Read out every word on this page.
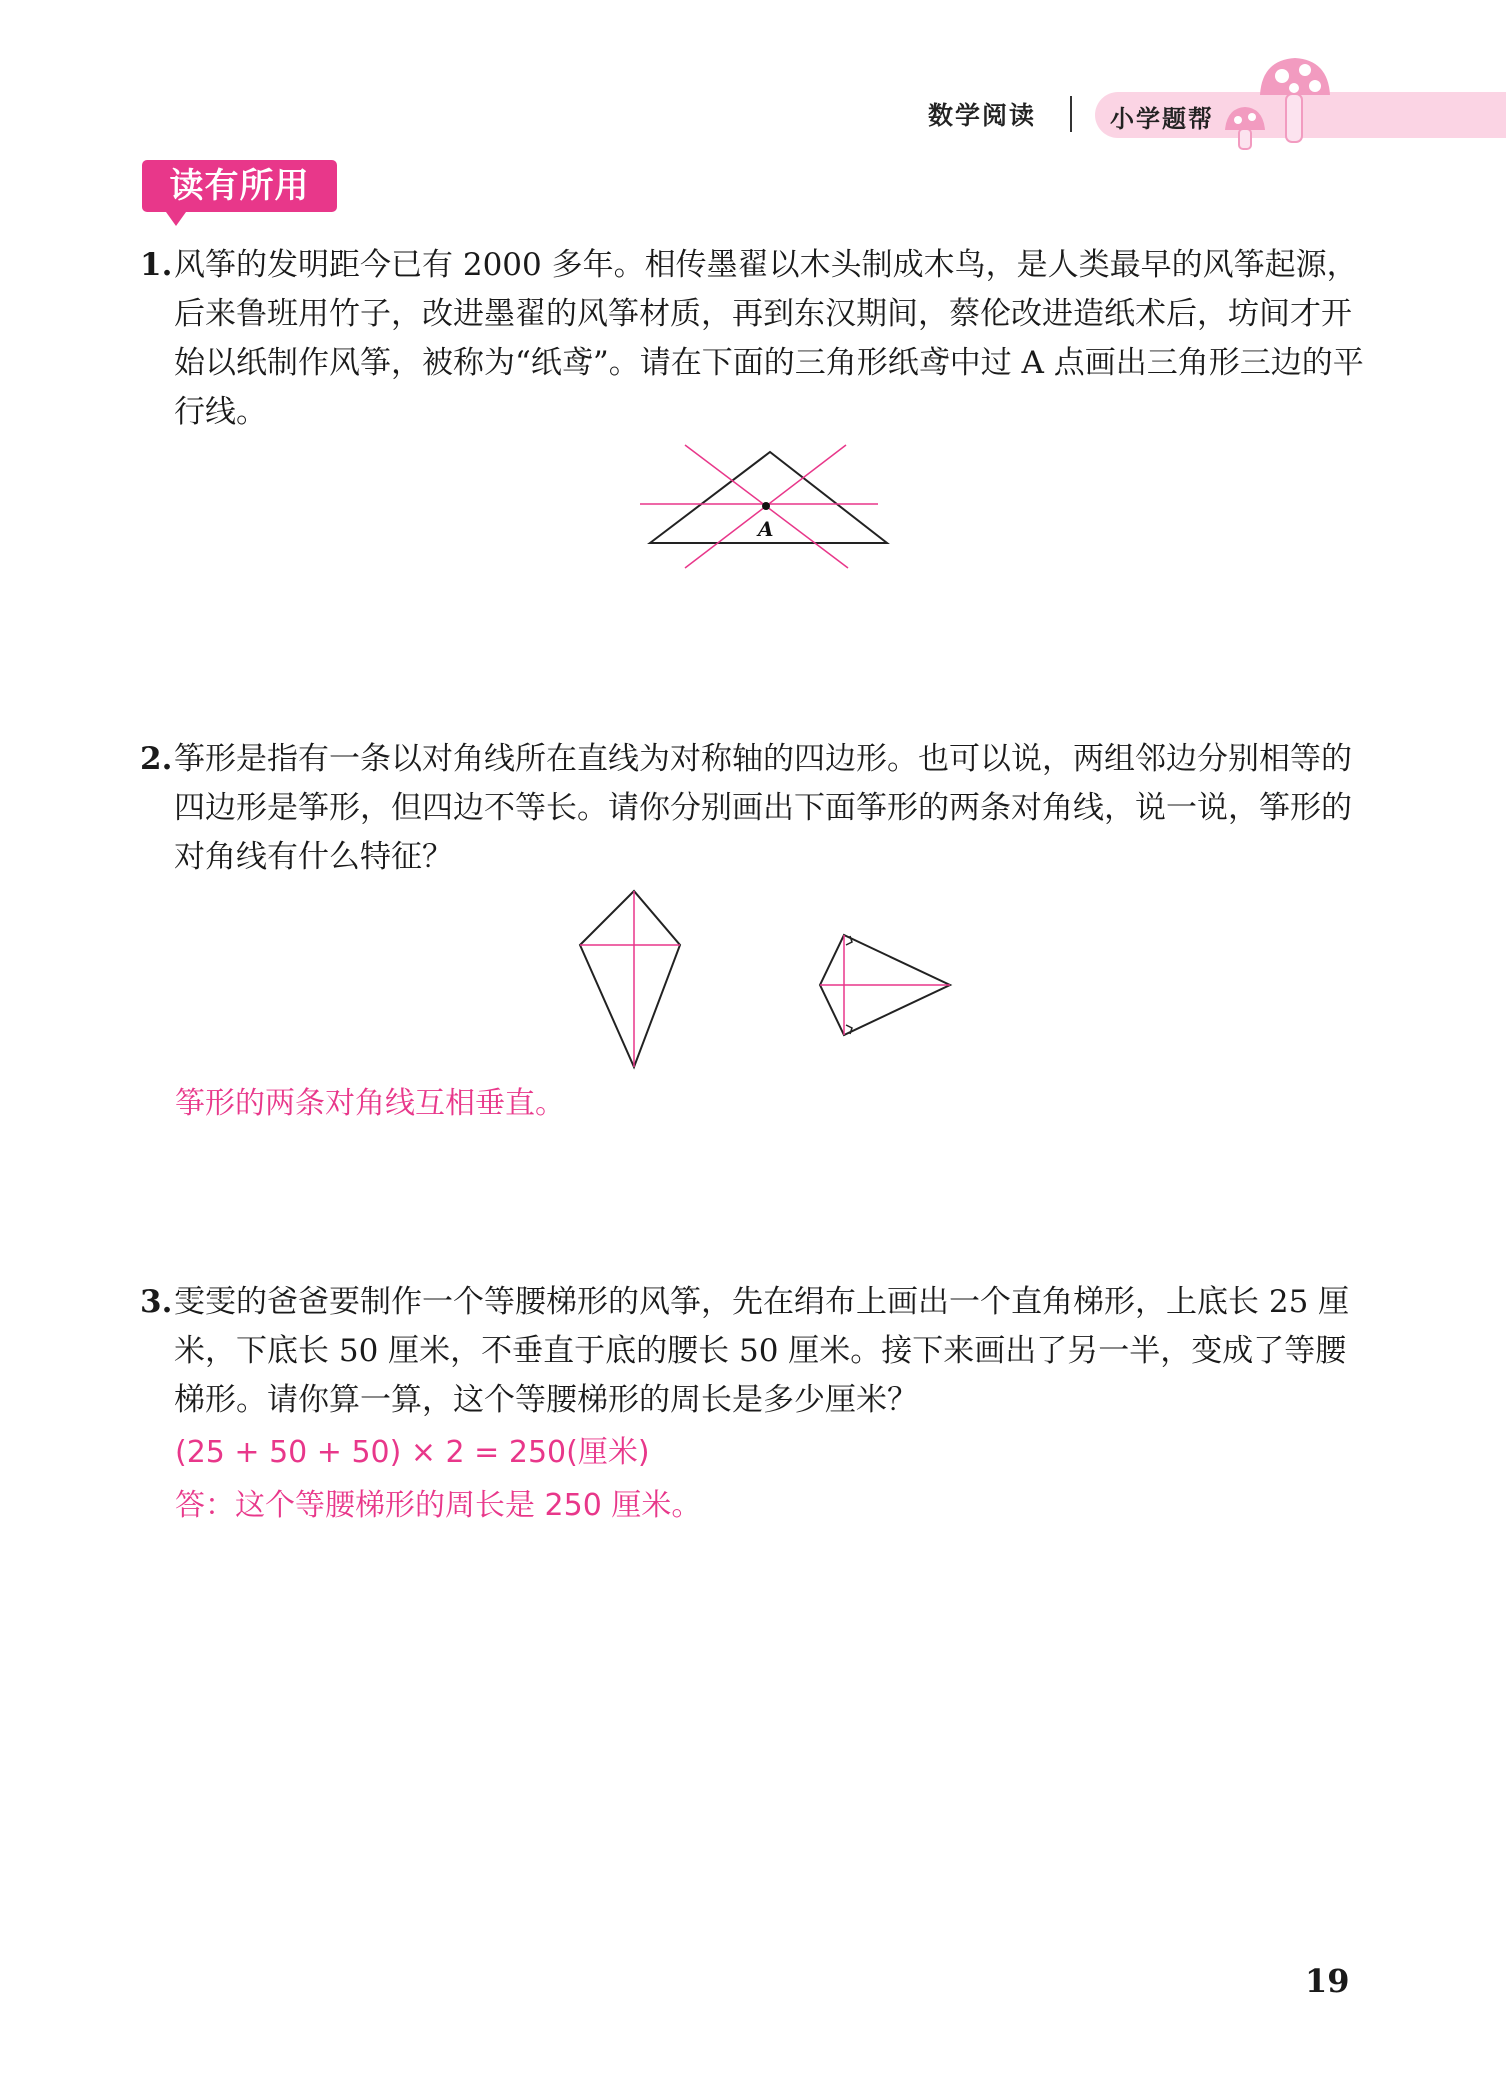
数学阅读	小学题帮
读有所用
1. 风筝的发明距今已有 2000 多年。相传墨翟以木头制成木鸟，是人类最早的风筝起源，后来鲁班用竹子，改进墨翟的风筝材质，再到东汉期间，蔡伦改进造纸术后，坊间才开始以纸制作风筝，被称为“纸鸢”。请在下面的三角形纸鸢中过 A 点画出三角形三边的平行线。
A
2. 筝形是指有一条以对角线所在直线为对称轴的四边形。也可以说，两组邻边分别相等的四边形是筝形，但四边不等长。请你分别画出下面筝形的两条对角线，说一说，筝形的对角线有什么特征？
筝形的两条对角线互相垂直。
3. 雯雯的爸爸要制作一个等腰梯形的风筝，先在绢布上画出一个直角梯形，上底长 25 厘米，下底长 50 厘米，不垂直于底的腰长 50 厘米。接下来画出了另一半，变成了等腰梯形。请你算一算，这个等腰梯形的周长是多少厘米？
(25 + 50 + 50) × 2 = 250(厘米)
答：这个等腰梯形的周长是 250 厘米。
19
